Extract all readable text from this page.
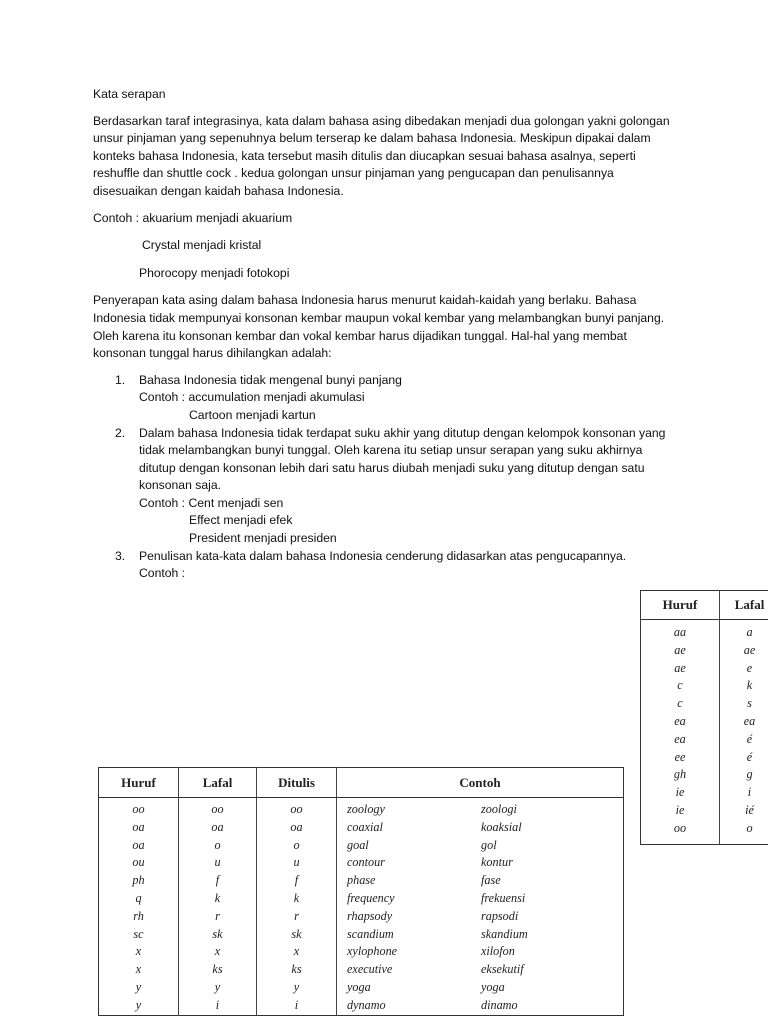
Kata serapan

Berdasarkan taraf integrasinya, kata dalam bahasa asing dibedakan menjadi dua golongan yakni golongan unsur pinjaman yang sepenuhnya belum terserap ke dalam bahasa Indonesia. Meskipun dipakai dalam konteks bahasa Indonesia, kata tersebut masih ditulis dan diucapkan sesuai bahasa asalnya, seperti reshuffle dan shuttle cock . kedua golongan unsur pinjaman yang pengucapan dan penulisannya disesuaikan dengan kaidah bahasa Indonesia.

Contoh : akuarium menjadi akuarium

Crystal menjadi kristal

Phorocopy menjadi fotokopi

Penyerapan kata asing dalam bahasa Indonesia harus menurut kaidah-kaidah yang berlaku. Bahasa Indonesia tidak mempunyai konsonan kembar maupun vokal kembar yang melambangkan bunyi panjang. Oleh karena itu konsonan kembar dan vokal kembar harus dijadikan tunggal. Hal-hal yang membat konsonan tunggal harus dihilangkan adalah:

1. Bahasa Indonesia tidak mengenal bunyi panjang
Contoh : accumulation menjadi akumulasi
Cartoon menjadi kartun
2. Dalam bahasa Indonesia tidak terdapat suku akhir yang ditutup dengan kelompok konsonan yang tidak melambangkan bunyi tunggal. Oleh karena itu setiap unsur serapan yang suku akhirnya ditutup dengan konsonan lebih dari satu harus diubah menjadi suku yang ditutup dengan satu konsonan saja.
Contoh : Cent menjadi sen
Effect menjadi efek
President menjadi presiden
3. Penulisan kata-kata dalam bahasa Indonesia cenderung didasarkan atas pengucapannya.
Contoh :
Huruf	Lafal
aa	a
ae	ae
ae	e
c	k
c	s
ea	ea
ea	é
ee	é
gh	g
ie	i
ie	ié
oo	o
Huruf	Lafal	Ditulis	Contoh	
oo	oo	oo	zoology	zoologi
oa	oa	oa	coaxial	koaksial
oa	o	o	goal	gol
ou	u	u	contour	kontur
ph	f	f	phase	fase
q	k	k	frequency	frekuensi
rh	r	r	rhapsody	rapsodi
sc	sk	sk	scandium	skandium
x	x	x	xylophone	xilofon
x	ks	ks	executive	eksekutif
y	y	y	yoga	yoga
y	i	i	dynamo	dinamo
